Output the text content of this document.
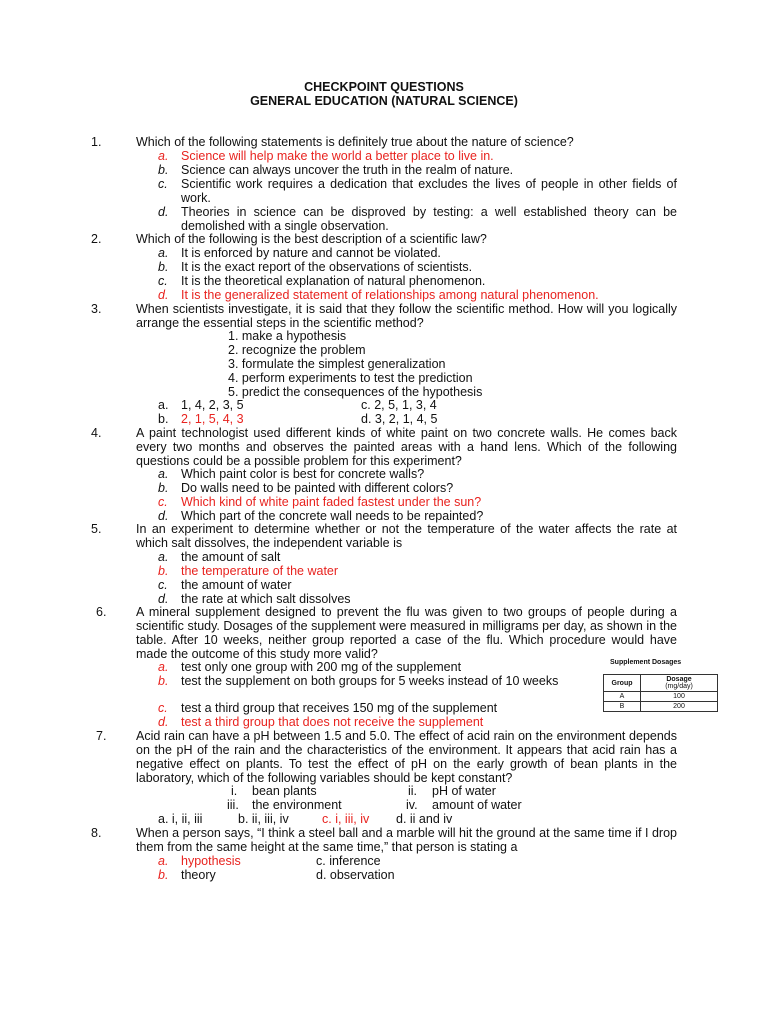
CHECKPOINT QUESTIONS
GENERAL EDUCATION (NATURAL SCIENCE)
1.	Which of the following statements is definitely true about the nature of science?
a. Science will help make the world a better place to live in.
b. Science can always uncover the truth in the realm of nature.
c. Scientific work requires a dedication that excludes the lives of people in other fields of work.
d. Theories in science can be disproved by testing: a well established theory can be demolished with a single observation.
2.	Which of the following is the best description of a scientific law?
a. It is enforced by nature and cannot be violated.
b. It is the exact report of the observations of scientists.
c. It is the theoretical explanation of natural phenomenon.
d. It is the generalized statement of relationships among natural phenomenon.
3.	When scientists investigate, it is said that they follow the scientific method. How will you logically arrange the essential steps in the scientific method?
1. make a hypothesis
2. recognize the problem
3. formulate the simplest generalization
4. perform experiments to test the prediction
5. predict the consequences of the hypothesis
a. 1, 4, 2, 3, 5	c. 2, 5, 1, 3, 4
b. 2, 1, 5, 4, 3	d. 3, 2, 1, 4, 5
4.	A paint technologist used different kinds of white paint on two concrete walls. He comes back every two months and observes the painted areas with a hand lens. Which of the following questions could be a possible problem for this experiment?
a. Which paint color is best for concrete walls?
b. Do walls need to be painted with different colors?
c. Which kind of white paint faded fastest under the sun?
d. Which part of the concrete wall needs to be repainted?
5.	In an experiment to determine whether or not the temperature of the water affects the rate at which salt dissolves, the independent variable is
a. the amount of salt
b. the temperature of the water
c. the amount of water
d. the rate at which salt dissolves
6. A mineral supplement designed to prevent the flu was given to two groups of people during a scientific study. Dosages of the supplement were measured in milligrams per day, as shown in the table. After 10 weeks, neither group reported a case of the flu. Which procedure would have made the outcome of this study more valid?
a. test only one group with 200 mg of the supplement
b. test the supplement on both groups for 5 weeks instead of 10 weeks
c. test a third group that receives 150 mg of the supplement
d. test a third group that does not receive the supplement
Supplement Dosages
Group	Dosage
(mg/day)
A	100
B	200
7. Acid rain can have a pH between 1.5 and 5.0. The effect of acid rain on the environment depends on the pH of the rain and the characteristics of the environment. It appears that acid rain has a negative effect on plants. To test the effect of pH on the early growth of bean plants in the laboratory, which of the following variables should be kept constant?
i. bean plants	ii. pH of water
iii. the environment	iv. amount of water
a. i, ii, iii	b. ii, iii, iv	c. i, iii, iv d. ii and iv
8.	When a person says, “I think a steel ball and a marble will hit the ground at the same time if I drop them from the same height at the same time,” that person is stating a
a. hypothesis	c. inference
b. theory	d. observation
